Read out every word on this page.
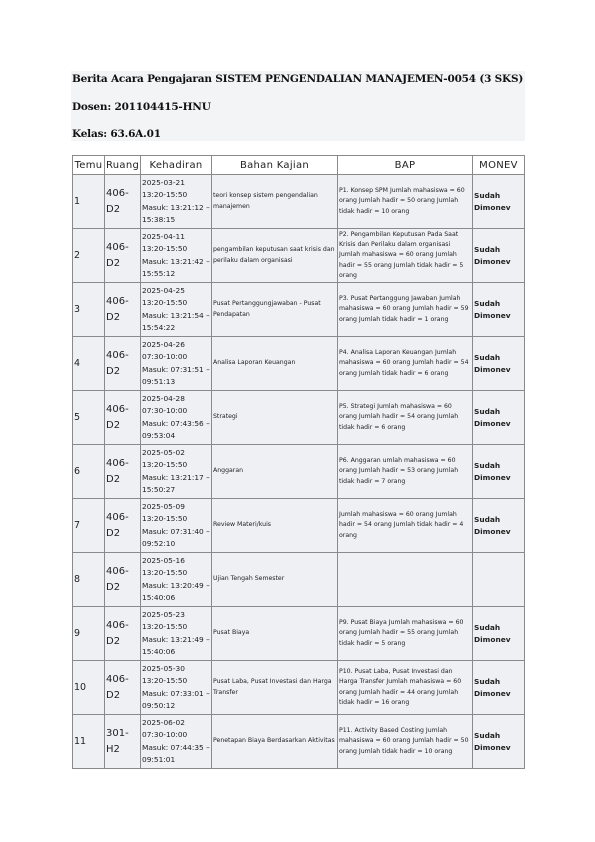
Berita Acara Pengajaran SISTEM PENGENDALIAN MANAJEMEN-0054 (3 SKS)
Dosen: 201104415-HNU
Kelas: 63.6A.01
Temu	Ruang	Kehadiran	Bahan Kajian	BAP	MONEV
1	406-D2	2025-03-21 13:20-15:50 Masuk: 13:21:12 – 15:38:15	teori konsep sistem pengendalian manajemen	P1. Konsep SPM Jumlah mahasiswa = 60 orang Jumlah hadir = 50 orang Jumlah tidak hadir = 10 orang	Sudah Dimonev
2	406-D2	2025-04-11 13:20-15:50 Masuk: 13:21:42 – 15:55:12	pengambilan keputusan saat krisis dan perilaku dalam organisasi	P2. Pengambilan Keputusan Pada Saat Krisis dan Perilaku dalam organisasi Jumlah mahasiswa = 60 orang Jumlah hadir = 55 orang Jumlah tidak hadir = 5 orang	Sudah Dimonev
3	406-D2	2025-04-25 13:20-15:50 Masuk: 13:21:54 – 15:54:22	Pusat Pertanggungjawaban - Pusat Pendapatan	P3. Pusat Pertanggung Jawaban Jumlah mahasiswa = 60 orang Jumlah hadir = 59 orang Jumlah tidak hadir = 1 orang	Sudah Dimonev
4	406-D2	2025-04-26 07:30-10:00 Masuk: 07:31:51 – 09:51:13	Analisa Laporan Keuangan	P4. Analisa Laporan Keuangan Jumlah mahasiswa = 60 orang Jumlah hadir = 54 orang Jumlah tidak hadir = 6 orang	Sudah Dimonev
5	406-D2	2025-04-28 07:30-10:00 Masuk: 07:43:56 –09:53:04	Strategi	P5. Strategi Jumlah mahasiswa = 60 orang Jumlah hadir = 54 orang Jumlah tidak hadir = 6 orang	Sudah Dimonev
6	406-D2	2025-05-02 13:20-15:50 Masuk: 13:21:17 – 15:50:27	Anggaran	P6. Anggaran umlah mahasiswa = 60 orang Jumlah hadir = 53 orang Jumlah tidak hadir = 7 orang	Sudah Dimonev
7	406-D2	2025-05-09 13:20-15:50 Masuk: 07:31:40 – 09:52:10	Review Materi/kuis	Jumlah mahasiswa = 60 orang Jumlah hadir = 54 orang Jumlah tidak hadir = 4 orang	Sudah Dimonev
8	406-D2	2025-05-16 13:20-15:50 Masuk: 13:20:49 – 15:40:06	Ujian Tengah Semester		
9	406-D2	2025-05-23 13:20-15:50 Masuk: 13:21:49 – 15:40:06	Pusat Biaya	P9. Pusat Biaya Jumlah mahasiswa = 60 orang Jumlah hadir = 55 orang Jumlah tidak hadir = 5 orang	Sudah Dimonev
10	406-D2	2025-05-30 13:20-15:50 Masuk: 07:33:01 – 09:50:12	Pusat Laba, Pusat Investasi dan Harga Transfer	P10. Pusat Laba, Pusat Investasi dan Harga Transfer Jumlah mahasiswa = 60 orang Jumlah hadir = 44 orang Jumlah tidak hadir = 16 orang	Sudah Dimonev
11	301-H2	2025-06-02 07:30-10:00 Masuk: 07:44:35 –09:51:01	Penetapan Biaya Berdasarkan Aktivitas	P11. Activity Based Costing Jumlah mahasiswa = 60 orang Jumlah hadir = 50 orang Jumlah tidak hadir = 10 orang	Sudah Dimonev
